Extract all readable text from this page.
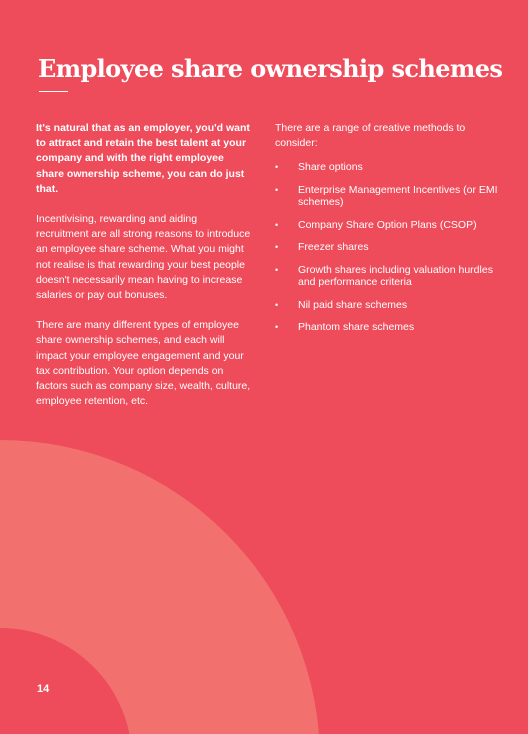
Employee share ownership schemes

It's natural that as an employer, you'd want to attract and retain the best talent at your company and with the right employee share ownership scheme, you can do just that.

Incentivising, rewarding and aiding recruitment are all strong reasons to introduce an employee share scheme. What you might not realise is that rewarding your best people doesn't necessarily mean having to increase salaries or pay out bonuses.

There are many different types of employee share ownership schemes, and each will impact your employee engagement and your tax contribution. Your option depends on factors such as company size, wealth, culture, employee retention, etc.

There are a range of creative methods to consider:

• Share options
• Enterprise Management Incentives (or EMI schemes)
• Company Share Option Plans (CSOP)
• Freezer shares
• Growth shares including valuation hurdles and performance criteria
• Nil paid share schemes
• Phantom share schemes
14
